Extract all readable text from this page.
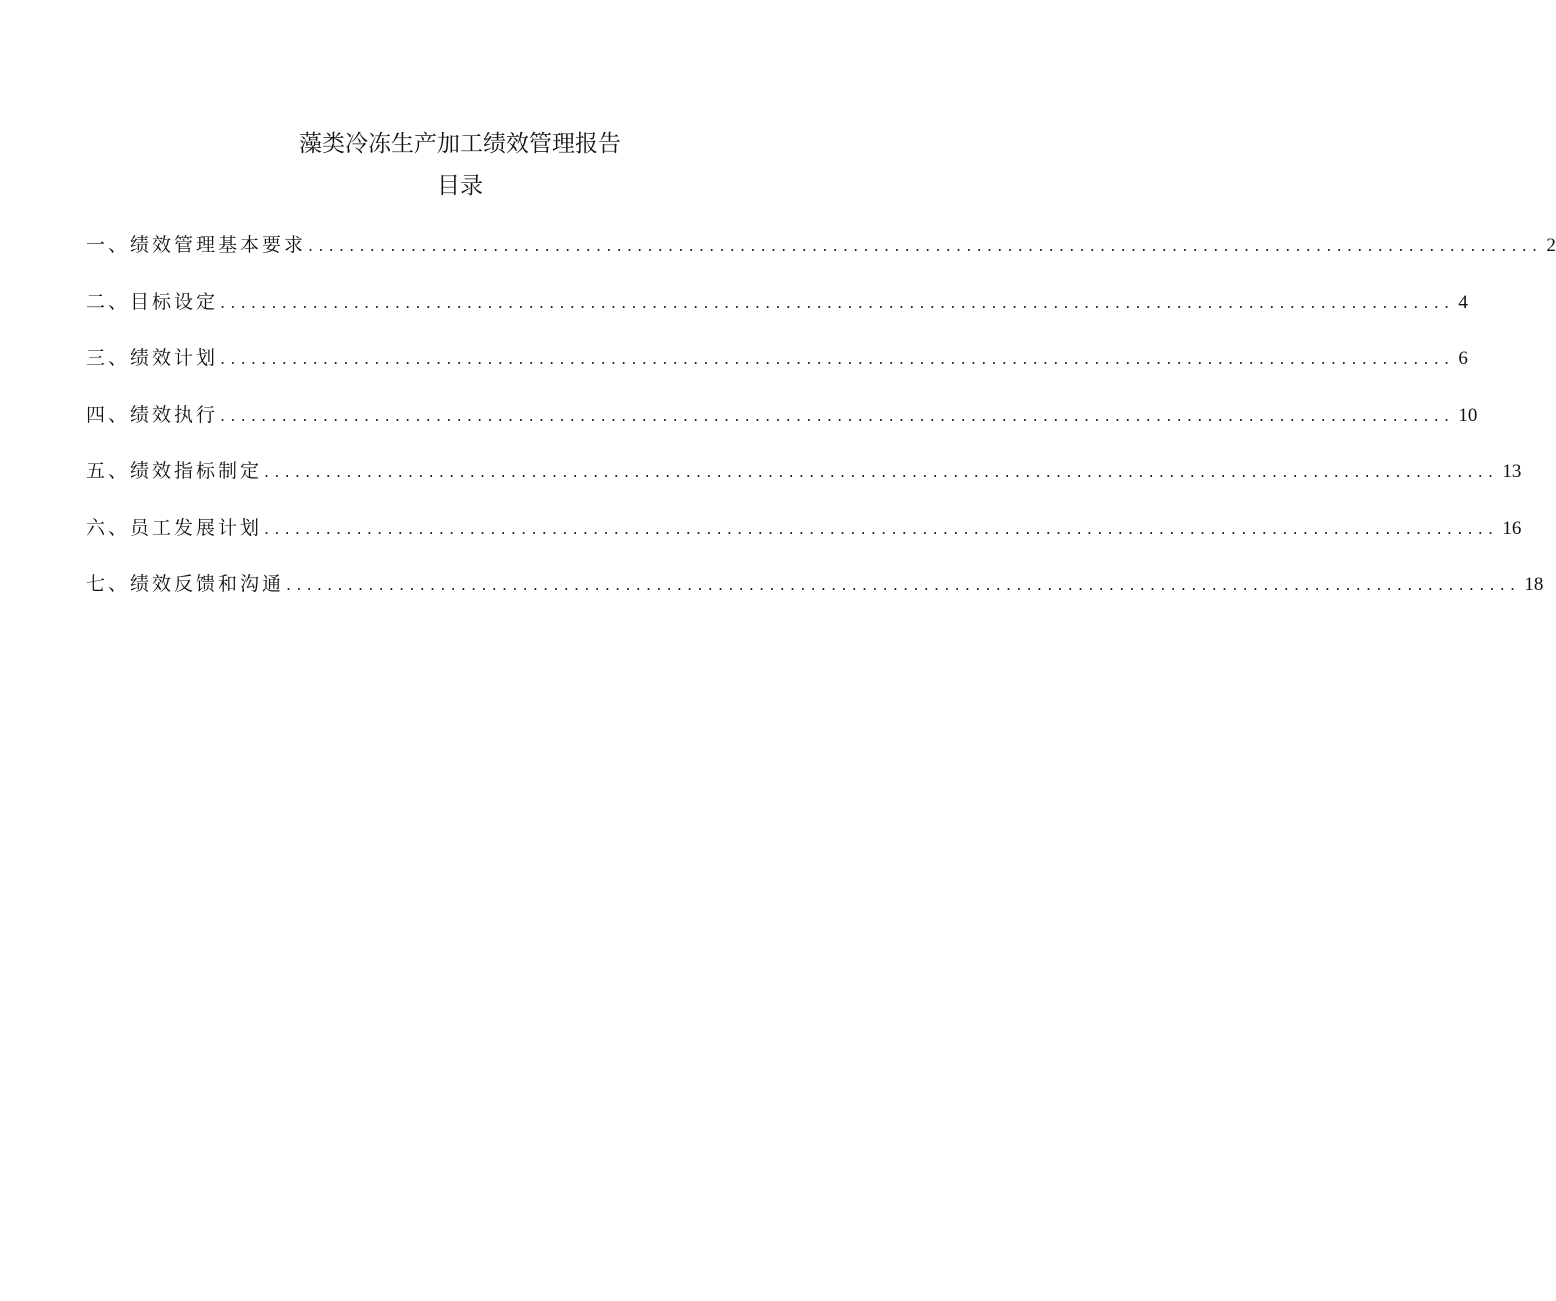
藻类冷冻生产加工绩效管理报告
目录
一、 绩效管理基本要求 ........................................................................................................................ 2
二、 目标设定 ........................................................................................................................ 4
三、 绩效计划 ........................................................................................................................ 6
四、 绩效执行 ........................................................................................................................ 10
五、 绩效指标制定 ........................................................................................................................ 13
六、 员工发展计划 ........................................................................................................................ 16
七、 绩效反馈和沟通 ........................................................................................................................ 18
